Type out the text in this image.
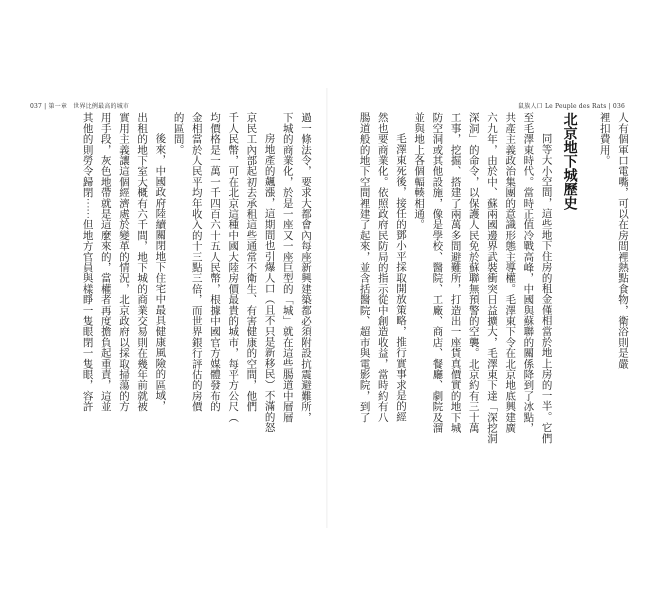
037 | 第一章　世界比例最高的城市	鼠族人口 Le Peuple des Rats | 036
人有個軍口電嘴，可以在房間裡熱點食物，衛浴則是嚴
裡扣費用。
北京地下城歷史
同等大小空間，這些地下住房的租金僅相當於地上房的一半。它們
至毛澤東時代。當時正值冷戰高峰，中國與蘇聯的關係降到了冰點，
共產主義政治集團的意識形態主導權。毛澤東下令在北京地底興建廣
六九年，由於中、蘇兩國邊界武裝衝突日益擴大，毛澤東下達「深挖洞
深洞」的命令，以保護人民免於蘇聯無預警的空襲。北京約有三十萬
工事，挖掘、搭建了兩萬多間避難所，打造出一座貨真價實的地下城
防空洞或其他設施，像是學校、醫院、工廠、商店、餐廳、劇院及溜
並與地上各個輻輳相通。
毛澤東死後，接任的鄧小平採取開放策略，推行實事求是的經
然也要商業化。依照政府民防局的指示從中創造收益，當時約有八
腸道般的地下空間裡建了起來，並含括醫院、超市與電影院，到了
過一條法令，要求大都會內每座新興建築都必須附設抗震避難所，
下城的商業化，於是一座又一座巨型的「城」就在這些腸道中層層
房地產的飆漲，這期間也引爆人口（且不只是新移民）不滿的怒
京民工內部起初去承租這些通常不衛生、有害健康的空間，他們
千人民幣，可在北京這種中國大陸房價最貴的城市，每平方公尺（
均價格是一萬一千四百六十五人民幣，根據中國官方媒體發布的
金相當於人民平均年收入的十三點三倍，而世界銀行評估的房價
的區間。
後來，中國政府陸續關閉地下住宅中最具健康風險的區域，
出租的地下室大概有六千間，地下城的商業交易則在幾年前就被
實用主義讓這個經濟處於變革的情況，北京政府以採取掃蕩的方
用手段，灰色地帶就是這麼來的，當權者再度擔負起重責，這並
其他的則勞令歸閉⋯⋯但地方官員與樣睜一隻眼閉一隻眼，容許
